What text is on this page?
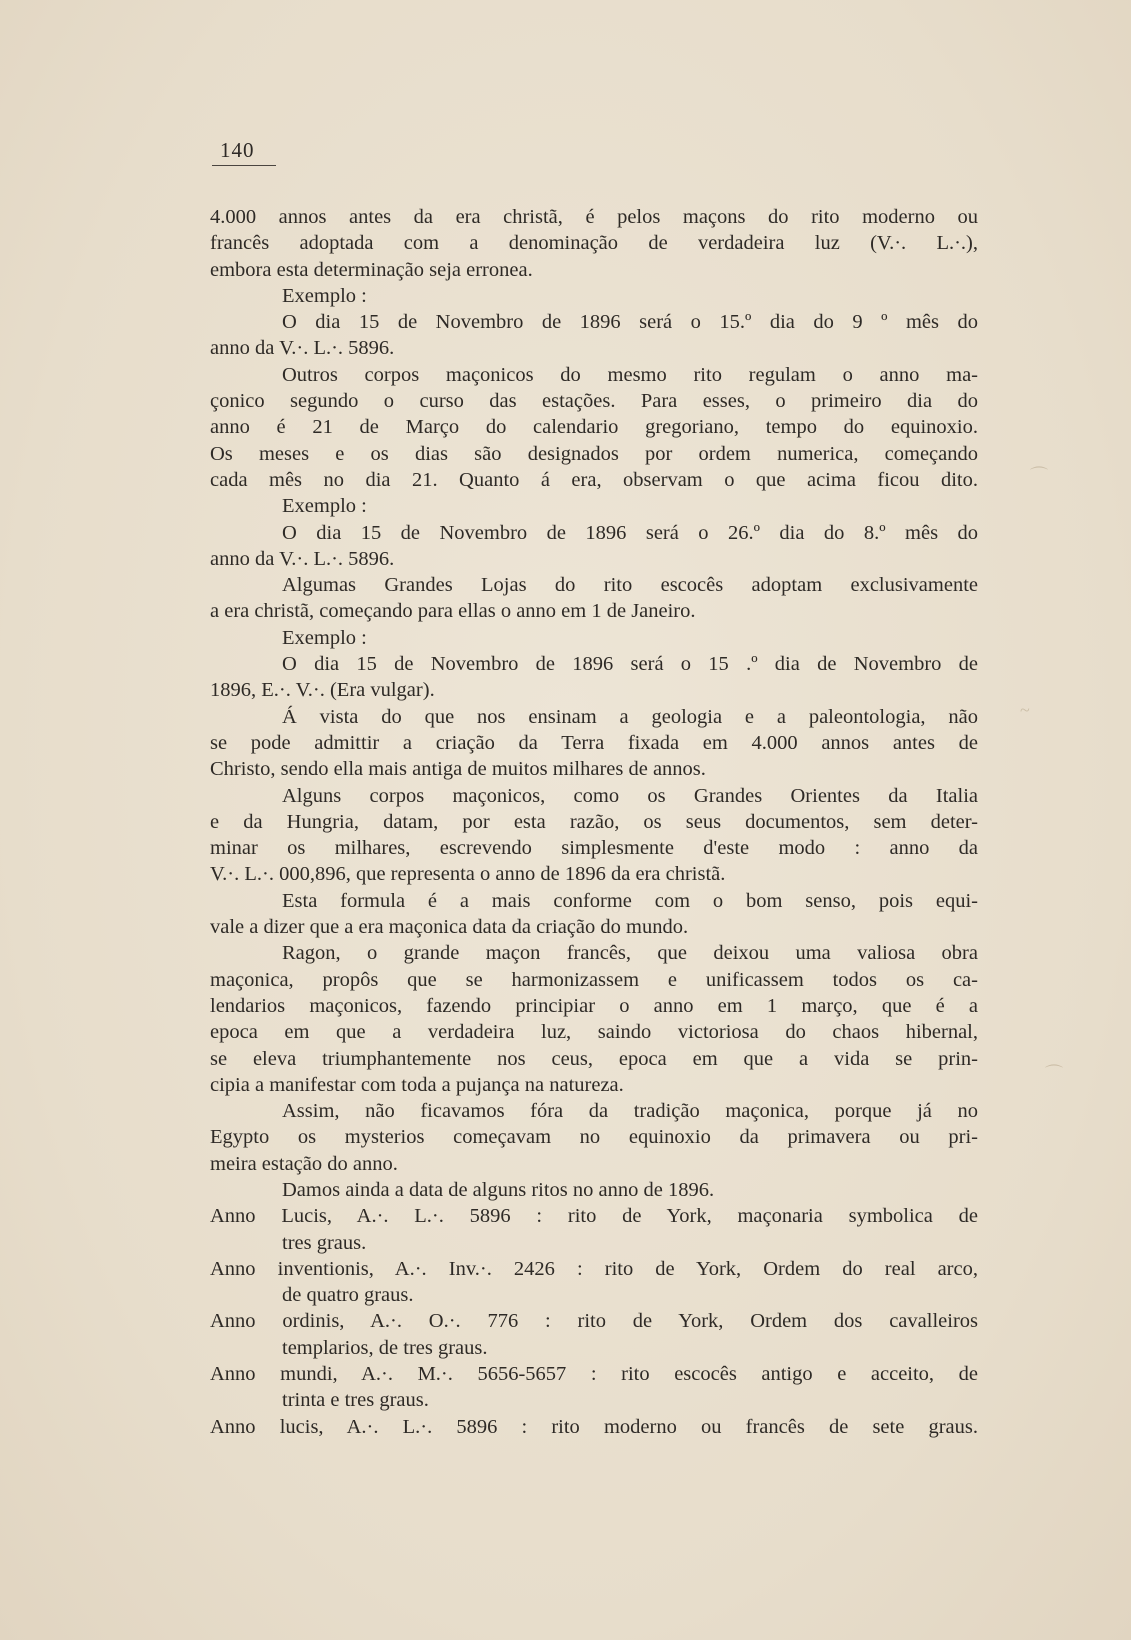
140
4.000 annos antes da era christã, é pelos maçons do rito moderno ou
francês adoptada com a denominação de verdadeira luz (V.·. L.·.),
embora esta determinação seja erronea.
Exemplo :
O dia 15 de Novembro de 1896 será o 15.º dia do 9 º mês do
anno da V.·. L.·. 5896.
Outros corpos maçonicos do mesmo rito regulam o anno ma-
çonico segundo o curso das estações. Para esses, o primeiro dia do
anno é 21 de Março do calendario gregoriano, tempo do equinoxio.
Os meses e os dias são designados por ordem numerica, começando
cada mês no dia 21. Quanto á era, observam o que acima ficou dito.
Exemplo :
O dia 15 de Novembro de 1896 será o 26.º dia do 8.º mês do
anno da V.·. L.·. 5896.
Algumas Grandes Lojas do rito escocês adoptam exclusivamente
a era christã, começando para ellas o anno em 1 de Janeiro.
Exemplo :
O dia 15 de Novembro de 1896 será o 15 .º dia de Novembro de
1896, E.·. V.·. (Era vulgar).
Á vista do que nos ensinam a geologia e a paleontologia, não
se pode admittir a criação da Terra fixada em 4.000 annos antes de
Christo, sendo ella mais antiga de muitos milhares de annos.
Alguns corpos maçonicos, como os Grandes Orientes da Italia
e da Hungria, datam, por esta razão, os seus documentos, sem deter-
minar os milhares, escrevendo simplesmente d'este modo : anno da
V.·. L.·. 000,896, que representa o anno de 1896 da era christã.
Esta formula é a mais conforme com o bom senso, pois equi-
vale a dizer que a era maçonica data da criação do mundo.
Ragon, o grande maçon francês, que deixou uma valiosa obra
maçonica, propôs que se harmonizassem e unificassem todos os ca-
lendarios maçonicos, fazendo principiar o anno em 1 março, que é a
epoca em que a verdadeira luz, saindo victoriosa do chaos hibernal,
se eleva triumphantemente nos ceus, epoca em que a vida se prin-
cipia a manifestar com toda a pujança na natureza.
Assim, não ficavamos fóra da tradição maçonica, porque já no
Egypto os mysterios começavam no equinoxio da primavera ou pri-
meira estação do anno.
Damos ainda a data de alguns ritos no anno de 1896.
Anno Lucis, A.·. L.·. 5896 : rito de York, maçonaria symbolica de
tres graus.
Anno inventionis, A.·. Inv.·. 2426 : rito de York, Ordem do real arco,
de quatro graus.
Anno ordinis, A.·. O.·. 776 : rito de York, Ordem dos cavalleiros
templarios, de tres graus.
Anno mundi, A.·. M.·. 5656-5657 : rito escocês antigo e acceito, de
trinta e tres graus.
Anno lucis, A.·. L.·. 5896 : rito moderno ou francês de sete graus.
⌒
~
⌒
